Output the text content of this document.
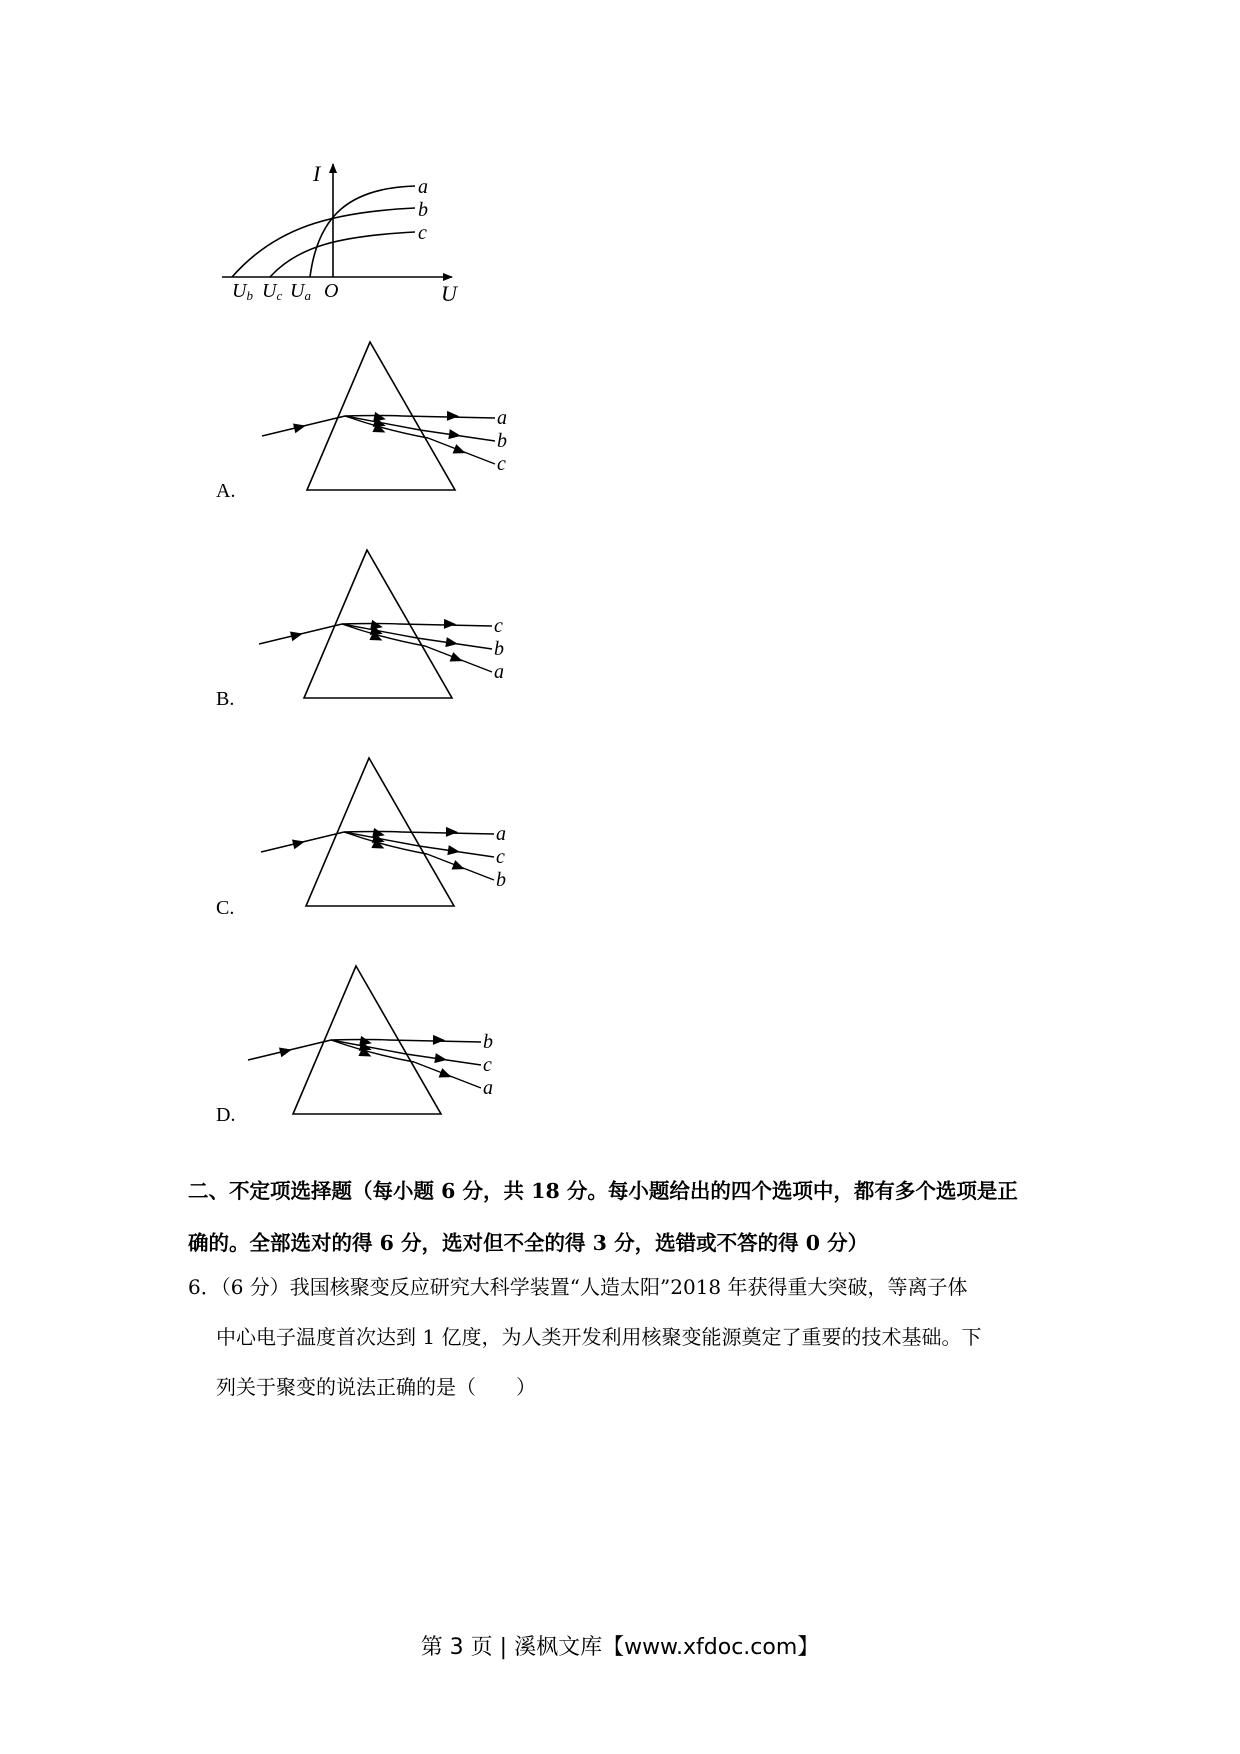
I
U
a
b
c
Ub Uc Ua O
a
b
c
c
b
a
a
c
b
b
c
a
A.
B.
C.
D.
二、不定项选择题（每小题 6 分，共 18 分。每小题给出的四个选项中，都有多个选项是正
确的。全部选对的得 6 分，选对但不全的得 3 分，选错或不答的得 0 分）
6．（6 分）我国核聚变反应研究大科学装置“人造太阳”2018 年获得重大突破，等离子体
中心电子温度首次达到 1 亿度，为人类开发利用核聚变能源奠定了重要的技术基础。下
列关于聚变的说法正确的是（　　）
第 3 页 | 溪枫文库【www.xfdoc.com】
